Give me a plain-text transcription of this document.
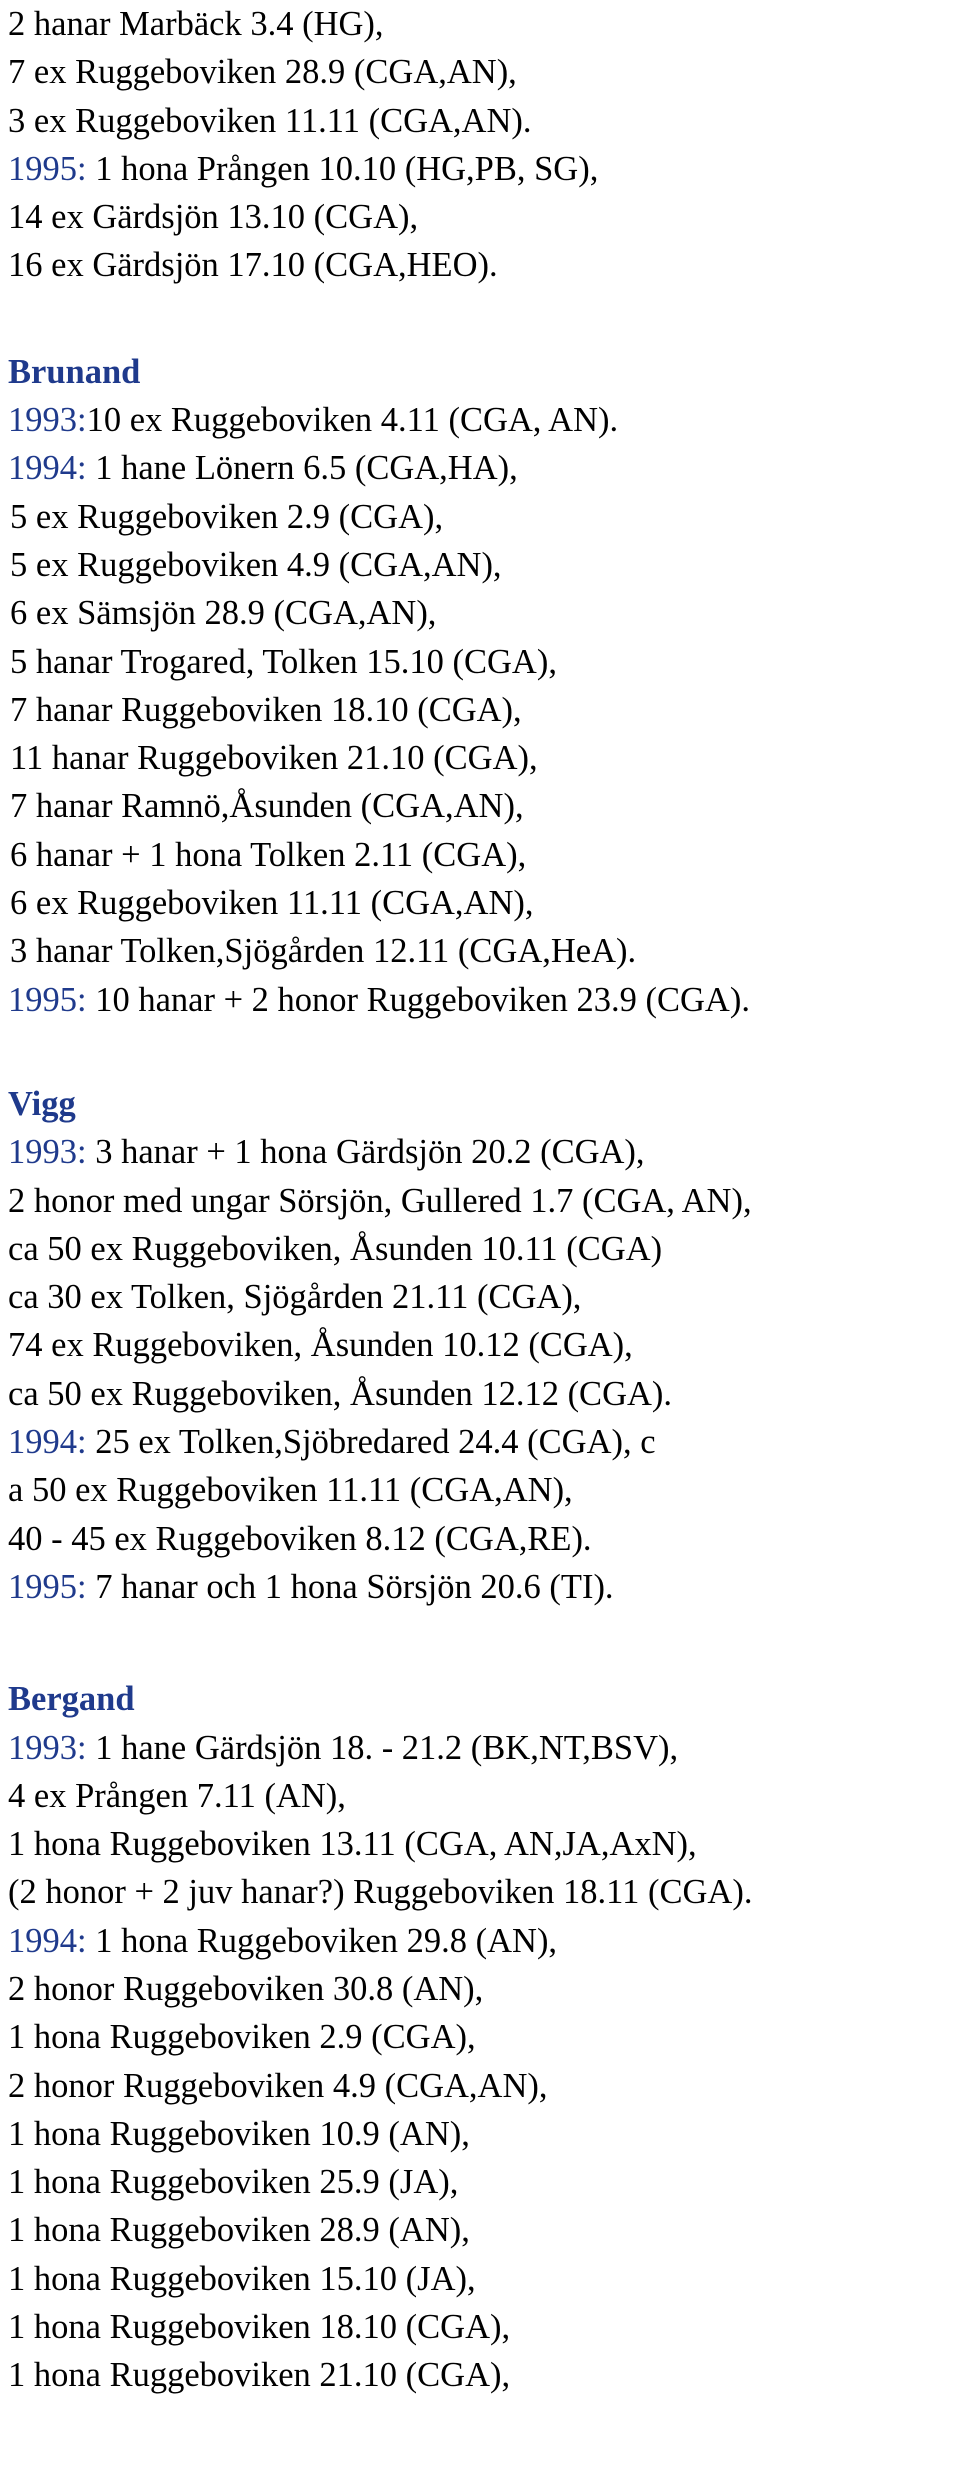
2 hanar Marbäck 3.4 (HG),
7 ex Ruggeboviken 28.9 (CGA,AN),
3 ex Ruggeboviken 11.11 (CGA,AN).
1995: 1 hona Prången 10.10 (HG,PB, SG),
14 ex Gärdsjön 13.10 (CGA),
16 ex Gärdsjön 17.10 (CGA,HEO).
Brunand
1993:10 ex Ruggeboviken 4.11 (CGA, AN).
1994: 1 hane Lönern 6.5 (CGA,HA),
5 ex Ruggeboviken 2.9 (CGA),
5 ex Ruggeboviken 4.9 (CGA,AN),
6 ex Sämsjön 28.9 (CGA,AN),
5 hanar Trogared, Tolken 15.10 (CGA),
7 hanar Ruggeboviken 18.10 (CGA),
11 hanar Ruggeboviken 21.10 (CGA),
7 hanar Ramnö,Åsunden (CGA,AN),
6 hanar + 1 hona Tolken 2.11 (CGA),
6 ex Ruggeboviken 11.11 (CGA,AN),
3 hanar Tolken,Sjögården 12.11 (CGA,HeA).
1995: 10 hanar + 2 honor Ruggeboviken 23.9 (CGA).
Vigg
1993: 3 hanar + 1 hona Gärdsjön 20.2 (CGA),
2 honor med ungar Sörsjön, Gullered 1.7 (CGA, AN),
ca 50 ex Ruggeboviken, Åsunden 10.11 (CGA)
ca 30 ex Tolken, Sjögården 21.11 (CGA),
74 ex Ruggeboviken, Åsunden 10.12 (CGA),
ca 50 ex Ruggeboviken, Åsunden 12.12 (CGA).
1994: 25 ex Tolken,Sjöbredared 24.4 (CGA), c
a 50 ex Ruggeboviken 11.11 (CGA,AN),
40 - 45 ex Ruggeboviken 8.12 (CGA,RE).
1995: 7 hanar och 1 hona Sörsjön 20.6 (TI).
Bergand
1993: 1 hane Gärdsjön 18. - 21.2 (BK,NT,BSV),
4 ex Prången 7.11 (AN),
1 hona Ruggeboviken 13.11 (CGA, AN,JA,AxN),
(2 honor + 2 juv hanar?) Ruggeboviken 18.11 (CGA).
1994: 1 hona Ruggeboviken 29.8 (AN),
2 honor Ruggeboviken 30.8 (AN),
1 hona Ruggeboviken 2.9 (CGA),
2 honor Ruggeboviken 4.9 (CGA,AN),
1 hona Ruggeboviken 10.9 (AN),
1 hona Ruggeboviken 25.9 (JA),
1 hona Ruggeboviken 28.9 (AN),
1 hona Ruggeboviken 15.10 (JA),
1 hona Ruggeboviken 18.10 (CGA),
1 hona Ruggeboviken 21.10 (CGA),
